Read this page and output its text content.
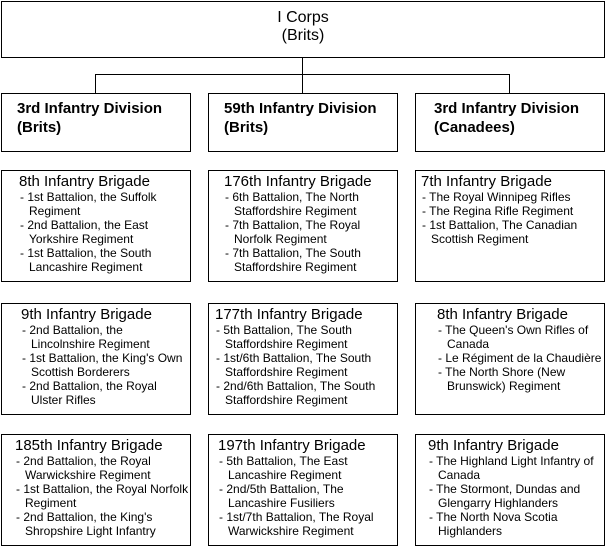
I Corps
(Brits)
3rd Infantry Division
(Brits)
8th Infantry Brigade
- 1st Battalion, the Suffolk Regiment
- 2nd Battalion, the East Yorkshire Regiment
- 1st Battalion, the South Lancashire Regiment
9th Infantry Brigade
- 2nd Battalion, the Lincolnshire Regiment
- 1st Battalion, the King's Own Scottish Borderers
- 2nd Battalion, the Royal Ulster Rifles
185th Infantry Brigade
- 2nd Battalion, the Royal Warwickshire Regiment
- 1st Battalion, the Royal Norfolk Regiment
- 2nd Battalion, the King's Shropshire Light Infantry
59th Infantry Division
(Brits)
176th Infantry Brigade
- 6th Battalion, The North Staffordshire Regiment
- 7th Battalion, The Royal Norfolk Regiment
- 7th Battalion, The South Staffordshire Regiment
177th Infantry Brigade
- 5th Battalion, The South Staffordshire Regiment
- 1st/6th Battalion, The South Staffordshire Regiment
- 2nd/6th Battalion, The South Staffordshire Regiment
197th Infantry Brigade
- 5th Battalion, The East Lancashire Regiment
- 2nd/5th Battalion, The Lancashire Fusiliers
- 1st/7th Battalion, The Royal Warwickshire Regiment
3rd Infantry Division
(Canadees)
7th Infantry Brigade
- The Royal Winnipeg Rifles
- The Regina Rifle Regiment
- 1st Battalion, The Canadian Scottish Regiment
8th Infantry Brigade
- The Queen's Own Rifles of Canada
- Le Régiment de la Chaudière
- The North Shore (New Brunswick) Regiment
9th Infantry Brigade
- The Highland Light Infantry of Canada
- The Stormont, Dundas and Glengarry Highlanders
- The North Nova Scotia Highlanders
